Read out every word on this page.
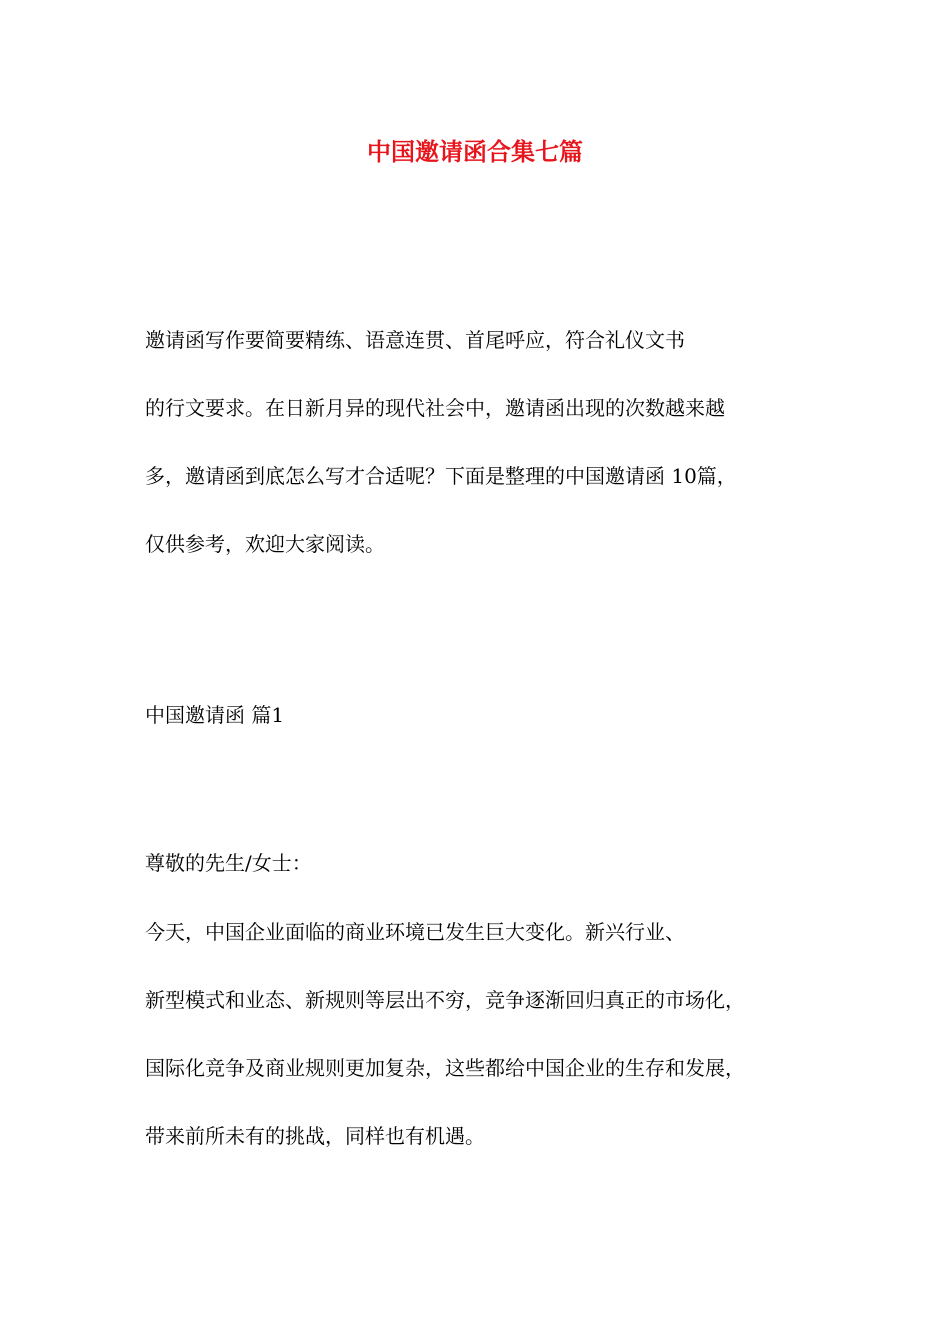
中国邀请函合集七篇

邀请函写作要简要精练、语意连贯、首尾呼应，符合礼仪文书
的行文要求。在日新月异的现代社会中，邀请函出现的次数越来越
多，邀请函到底怎么写才合适呢？下面是整理的中国邀请函 10篇，
仅供参考，欢迎大家阅读。

中国邀请函 篇1

尊敬的先生/女士：

今天，中国企业面临的商业环境已发生巨大变化。新兴行业、
新型模式和业态、新规则等层出不穷，竞争逐渐回归真正的市场化，
国际化竞争及商业规则更加复杂，这些都给中国企业的生存和发展，
带来前所未有的挑战，同样也有机遇。
